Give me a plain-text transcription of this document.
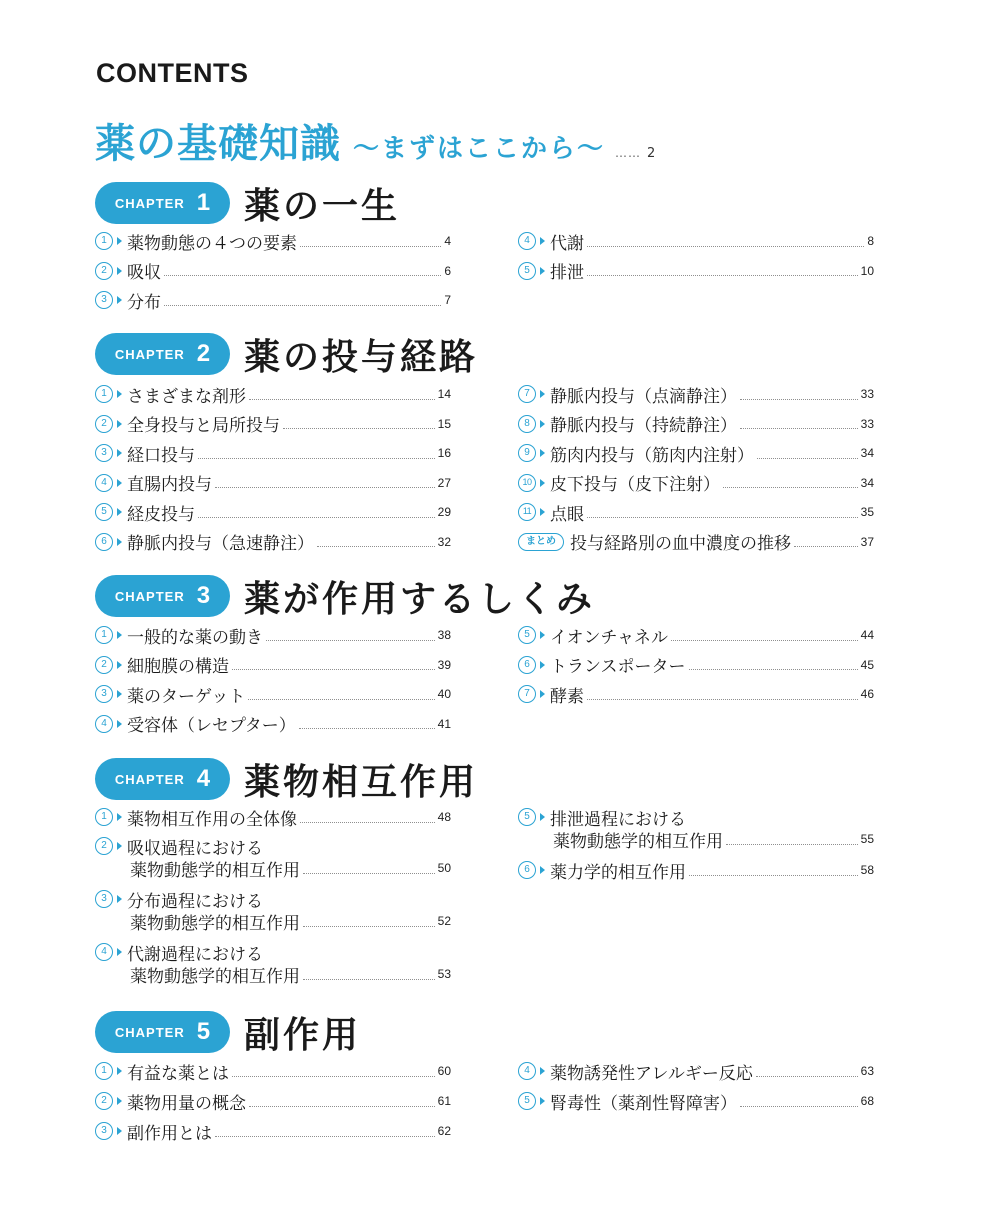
CONTENTS
薬の基礎知識 ～まずはここから～ …… 2
CHAPTER 1 薬の一生
1	薬物動態の４つの要素	4
2	吸収	6
3	分布	7
4	代謝	8
5	排泄	10
CHAPTER 2 薬の投与経路
1	さまざまな剤形	14
2	全身投与と局所投与	15
3	経口投与	16
4	直腸内投与	27
5	経皮投与	29
6	静脈内投与（急速静注）	32
7	静脈内投与（点滴静注）	33
8	静脈内投与（持続静注）	33
9	筋肉内投与（筋肉内注射）	34
10 皮下投与（皮下注射）	34
11 点眼	35
まとめ 投与経路別の血中濃度の推移	37
CHAPTER 3 薬が作用するしくみ
1	一般的な薬の動き	38
2	細胞膜の構造	39
3	薬のターゲット	40
4	受容体（レセプター）	41
5	イオンチャネル	44
6	トランスポーター	45
7	酵素	46
CHAPTER 4 薬物相互作用
1	薬物相互作用の全体像	48
2	吸収過程における
薬物動態学的相互作用	50
3	分布過程における
薬物動態学的相互作用	52
4	代謝過程における
薬物動態学的相互作用	53
5	排泄過程における
薬物動態学的相互作用	55
6	薬力学的相互作用	58
CHAPTER 5 副作用
1	有益な薬とは	60
2	薬物用量の概念	61
3	副作用とは	62
4	薬物誘発性アレルギー反応	63
5	腎毒性（薬剤性腎障害）	68
